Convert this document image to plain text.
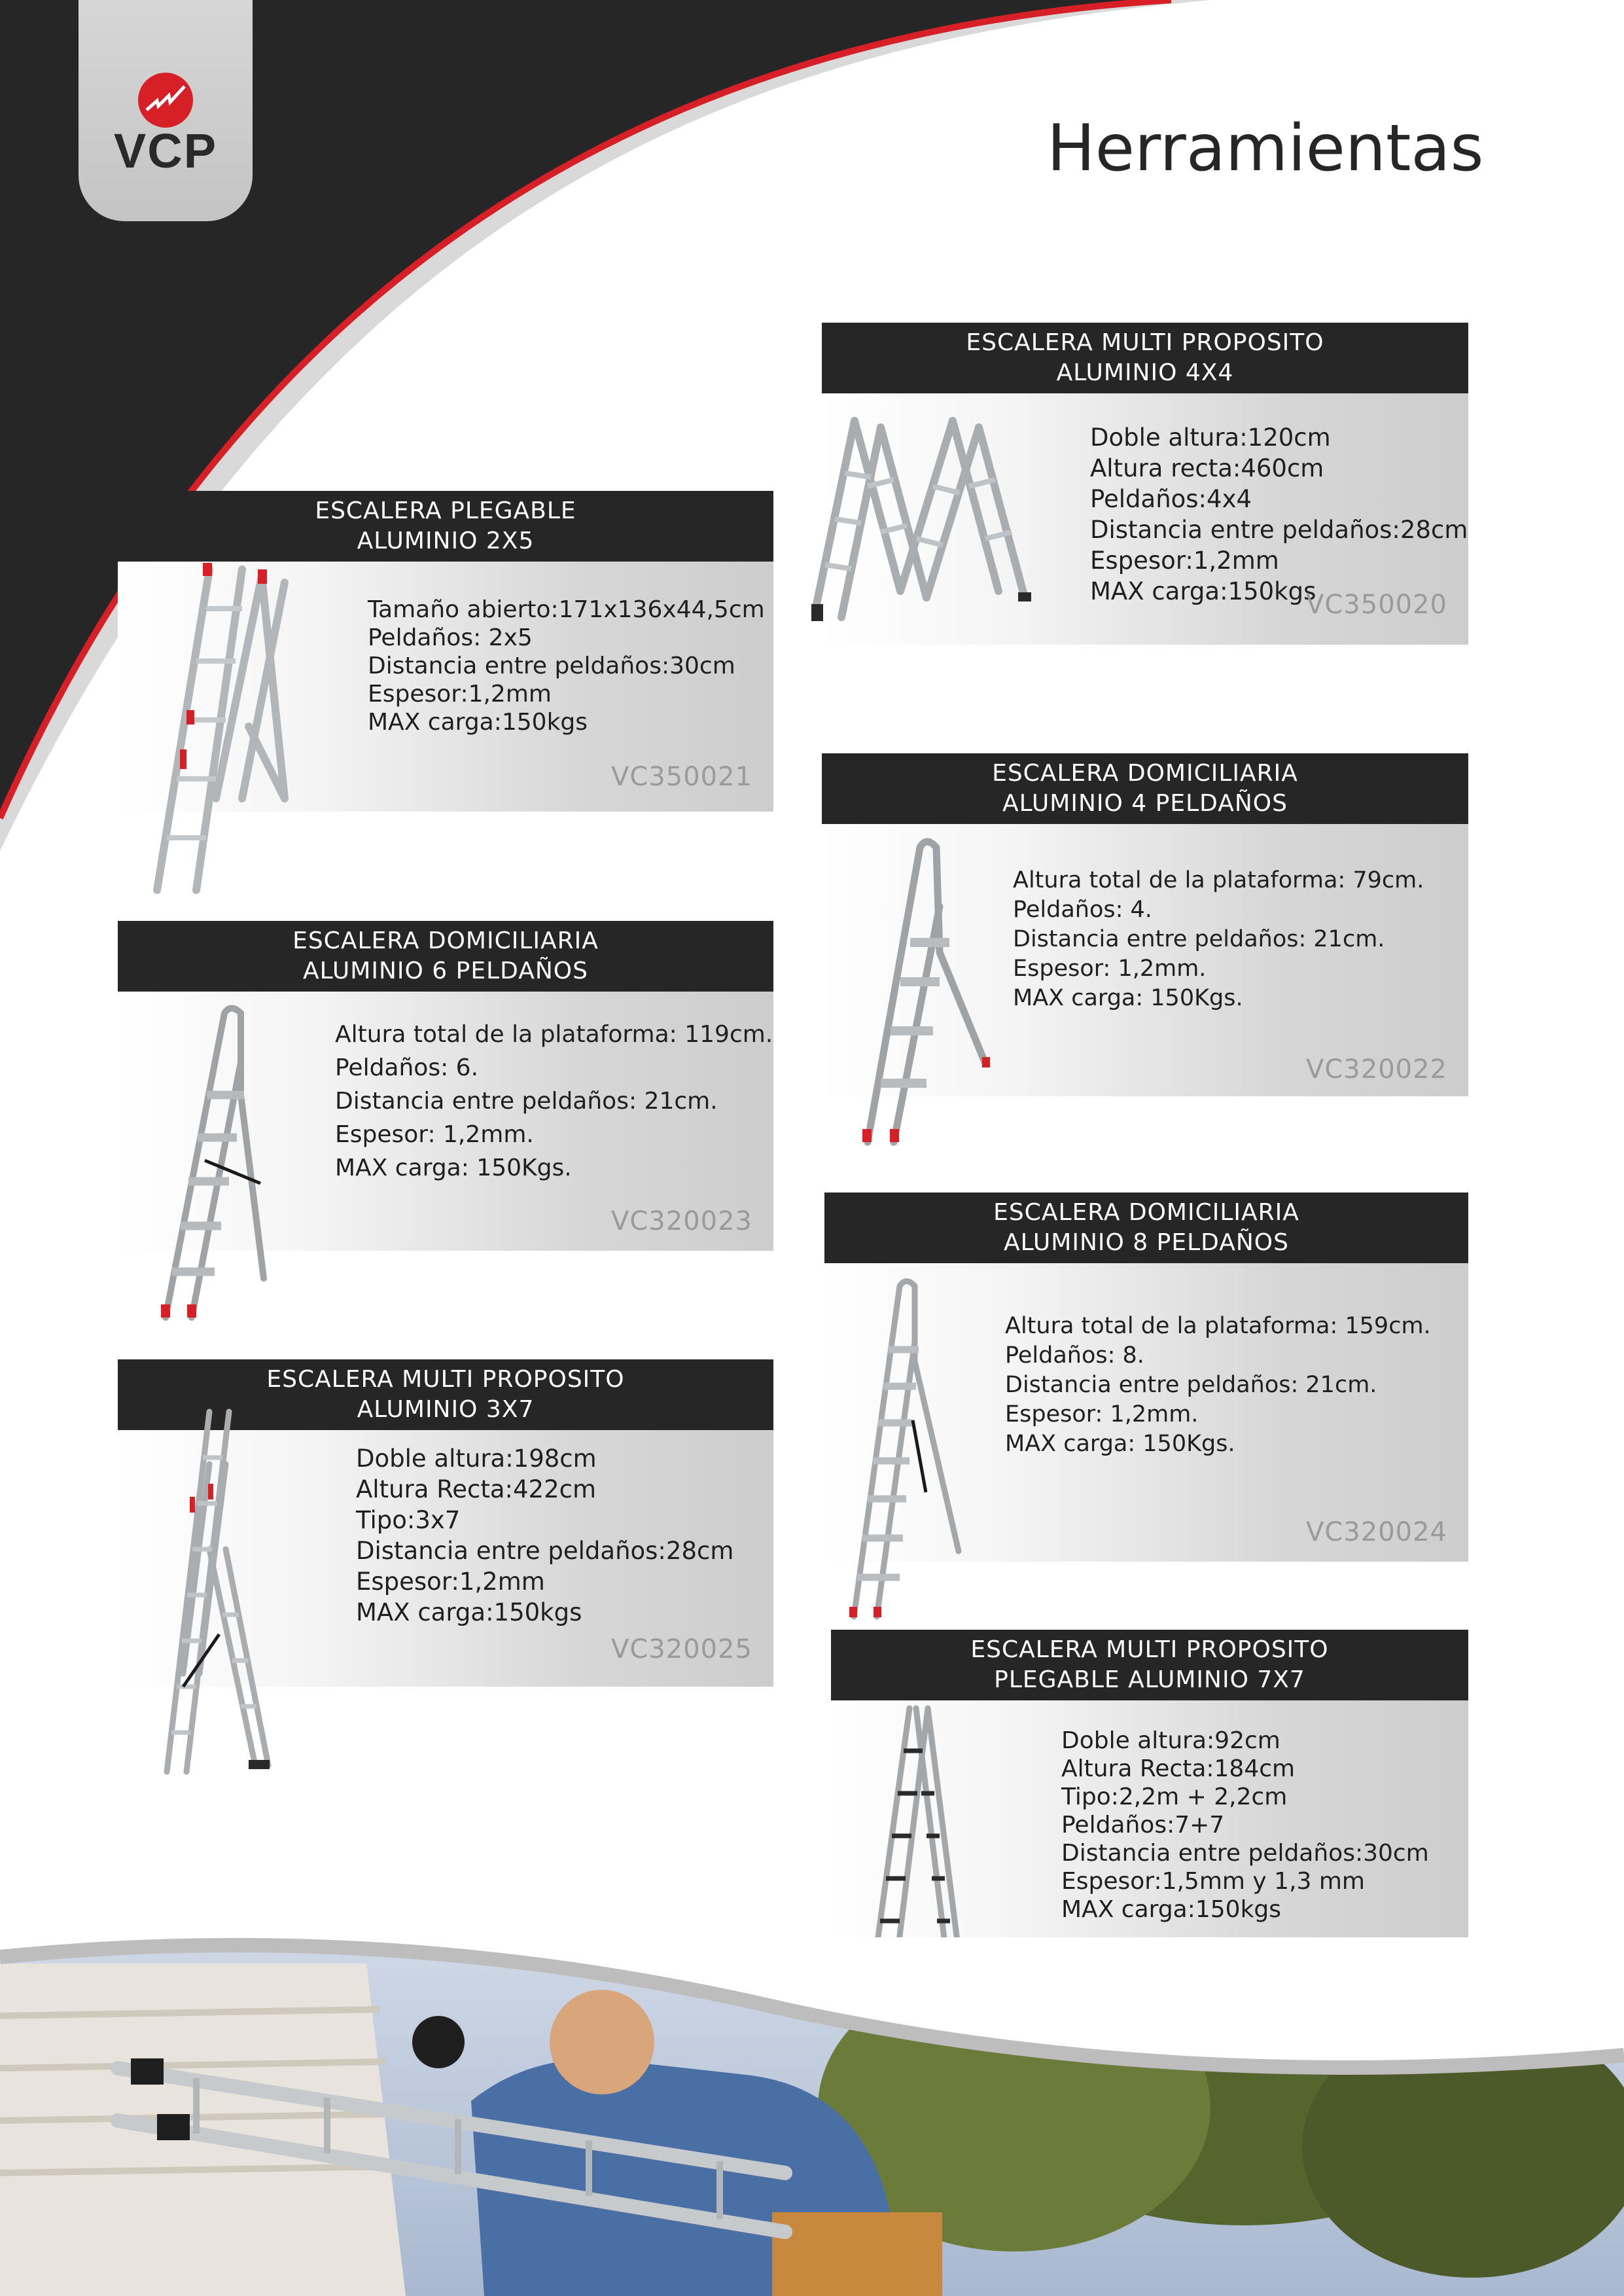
VCP	Herramientas
ESCALERA MULTI PROPOSITO
ALUMINIO 4X4
Doble altura:120cm
Altura recta:460cm
Peldaños:4x4
Distancia entre peldaños:28cm
Espesor:1,2mm
MAX carga:150kgs
VC350020
ESCALERA PLEGABLE
ALUMINIO 2X5
Tamaño abierto:171x136x44,5cm
Peldaños: 2x5
Distancia entre peldaños:30cm
Espesor:1,2mm
MAX carga:150kgs
VC350021	ESCALERA DOMICILIARIA
ALUMINIO 4 PELDAÑOS
Altura total de la plataforma: 79cm.
Peldaños: 4.
Distancia entre peldaños: 21cm.
Espesor: 1,2mm.
MAX carga: 150Kgs.
VC320022
ESCALERA DOMICILIARIA
ALUMINIO 6 PELDAÑOS
Altura total de la plataforma: 119cm.
Peldaños: 6.
Distancia entre peldaños: 21cm.
Espesor: 1,2mm.
MAX carga: 150Kgs.
VC320023	ESCALERA DOMICILIARIA
ALUMINIO 8 PELDAÑOS
Altura total de la plataforma: 159cm.
Peldaños: 8.
Distancia entre peldaños: 21cm.
Espesor: 1,2mm.
MAX carga: 150Kgs.
VC320024
ESCALERA MULTI PROPOSITO
ALUMINIO 3X7
Doble altura:198cm
Altura Recta:422cm
Tipo:3x7
Distancia entre peldaños:28cm
Espesor:1,2mm
MAX carga:150kgs
VC320025	ESCALERA MULTI PROPOSITO
PLEGABLE ALUMINIO 7X7
Doble altura:92cm
Altura Recta:184cm
Tipo:2,2m + 2,2cm
Peldaños:7+7
Distancia entre peldaños:30cm
Espesor:1,5mm y 1,3 mm
MAX carga:150kgs
